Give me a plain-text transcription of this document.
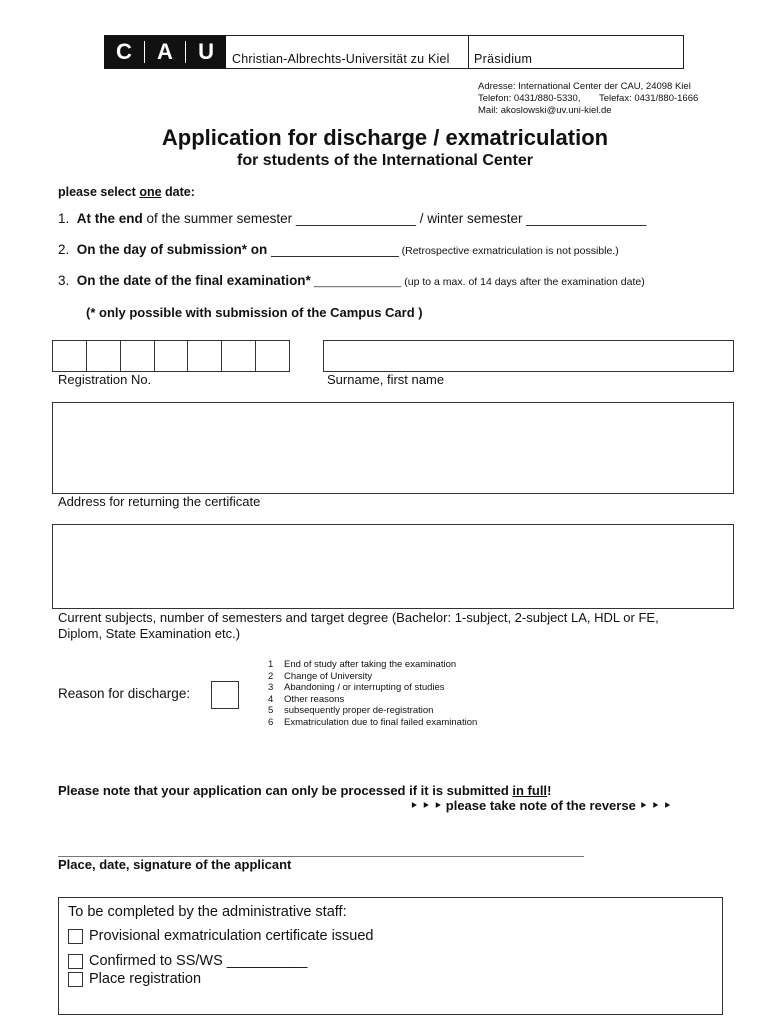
C A U Christian-Albrechts-Universität zu Kiel Präsidium
Adresse: International Center der CAU, 24098 Kiel
Telefon: 0431/880-5330, Telefax: 0431/880-1666
Mail: akoslowski@uv.uni-kiel.de
Application for discharge / exmatriculation
for students of the International Center
please select one date:
1. At the end of the summer semester ________________ / winter semester ________________
2. On the day of submission* on _________________ (Retrospective exmatriculation is not possible.)
3. On the date of the final examination* _______________ (up to a max. of 14 days after the examination date)
(* only possible with submission of the Campus Card )
Registration No.	Surname, first name
Address for returning the certificate
Current subjects, number of semesters and target degree (Bachelor: 1-subject, 2-subject LA, HDL or FE,
Diplom, State Examination etc.)
Reason for discharge:
1 End of study after taking the examination
2 Change of University
3 Abandoning / or interrupting of studies
4 Other reasons
5 subsequently proper de-registration
6 Exmatriculation due to final failed examination
Please note that your application can only be processed if it is submitted in full!
‣ ‣ ‣ please take note of the reverse ‣ ‣ ‣
Place, date, signature of the applicant
To be completed by the administrative staff:
Provisional exmatriculation certificate issued
Confirmed to SS/WS __________
Place registration
